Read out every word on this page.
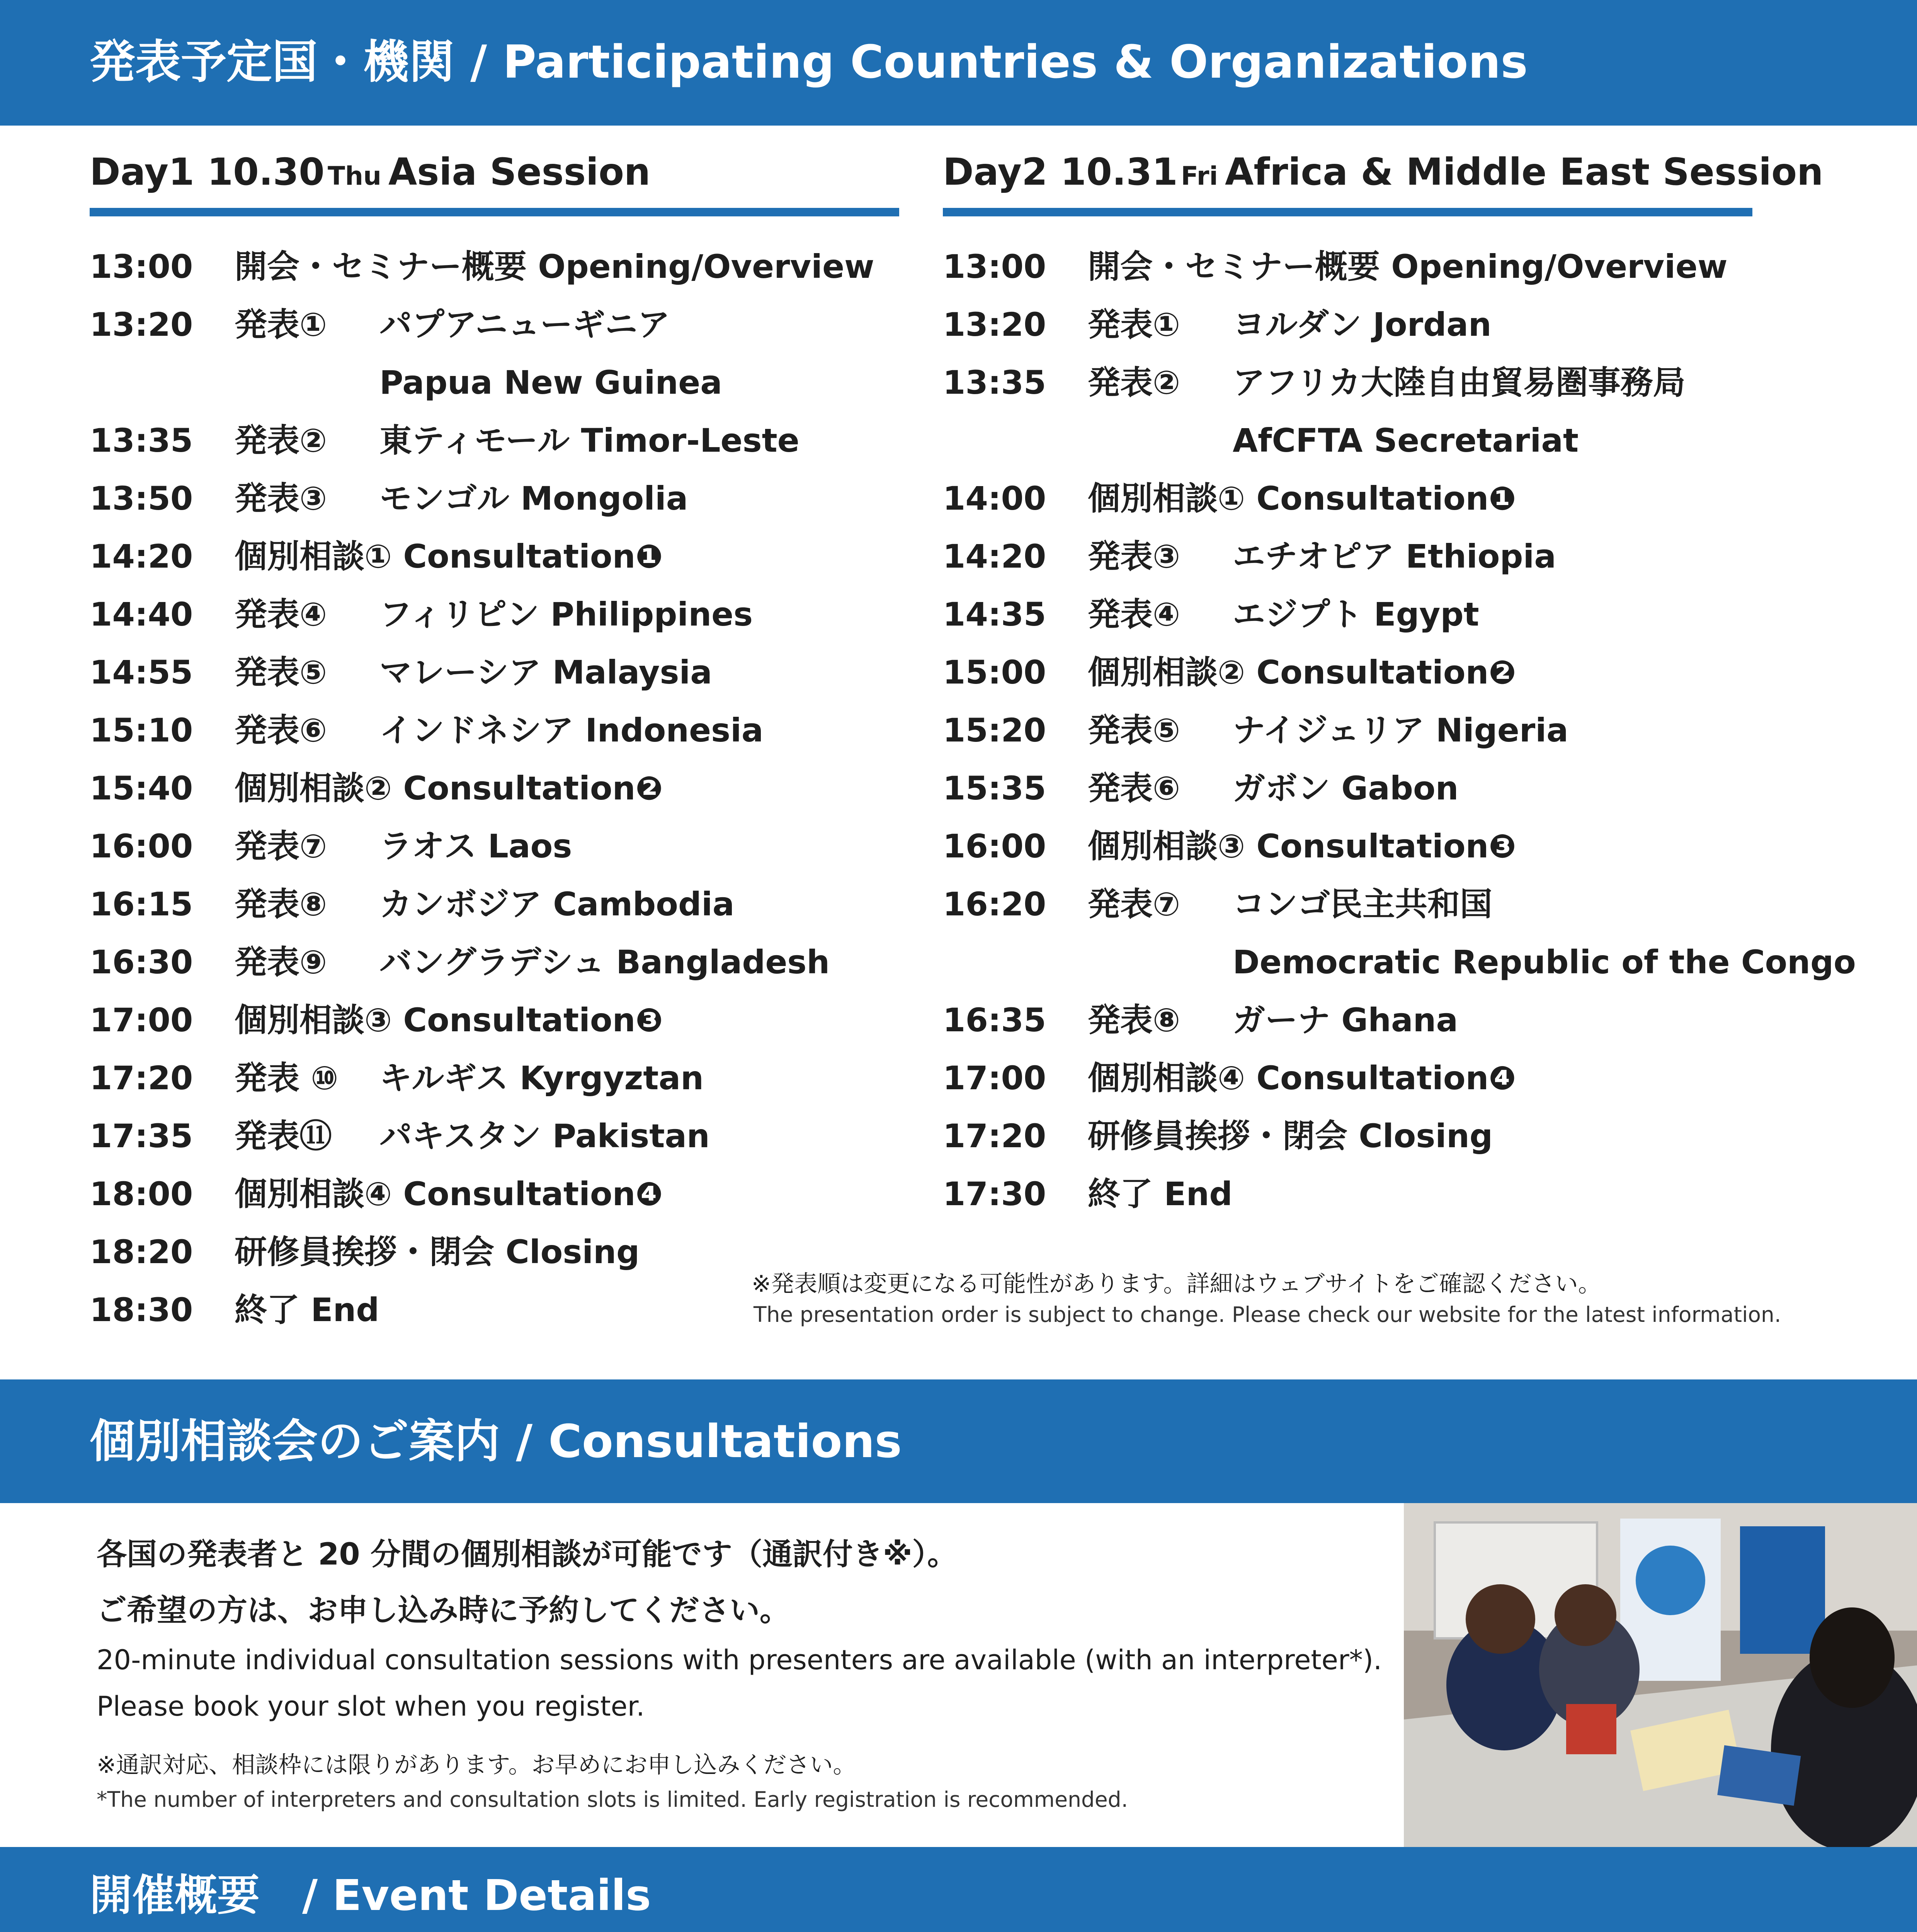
発表予定国・機関 / Participating Countries & Organizations
Day1 10.30 Thu Asia Session
13:00 開会・セミナー概要 Opening/Overview
13:20 発表① パプアニューギニア
Papua New Guinea
13:35 発表② 東ティモール Timor-Leste
13:50 発表③ モンゴル Mongolia
14:20 個別相談① Consultation❶
14:40 発表④ フィリピン Philippines
14:55 発表⑤ マレーシア Malaysia
15:10 発表⑥ インドネシア Indonesia
15:40 個別相談② Consultation❷
16:00 発表⑦ ラオス Laos
16:15 発表⑧ カンボジア Cambodia
16:30 発表⑨ バングラデシュ Bangladesh
17:00 個別相談③ Consultation❸
17:20 発表 ⑩ キルギス Kyrgyztan
17:35 発表⑪ パキスタン Pakistan
18:00 個別相談④ Consultation❹
18:20 研修員挨拶・閉会 Closing
18:30 終了 End
Day2 10.31 Fri Africa & Middle East Session
13:00 開会・セミナー概要 Opening/Overview
13:20 発表① ヨルダン Jordan
13:35 発表② アフリカ大陸自由貿易圏事務局
AfCFTA Secretariat
14:00 個別相談① Consultation❶
14:20 発表③ エチオピア Ethiopia
14:35 発表④ エジプト Egypt
15:00 個別相談② Consultation❷
15:20 発表⑤ ナイジェリア Nigeria
15:35 発表⑥ ガボン Gabon
16:00 個別相談③ Consultation❸
16:20 発表⑦ コンゴ民主共和国
Democratic Republic of the Congo
16:35 発表⑧ ガーナ Ghana
17:00 個別相談④ Consultation❹
17:20 研修員挨拶・閉会 Closing
17:30 終了 End
※発表順は変更になる可能性があります。詳細はウェブサイトをご確認ください。
The presentation order is subject to change. Please check our website for the latest information.
個別相談会のご案内 / Consultations
各国の発表者と 20 分間の個別相談が可能です（通訳付き※）。
ご希望の方は、お申し込み時に予約してください。
20-minute individual consultation sessions with presenters are available (with an interpreter*).
Please book your slot when you register.
※通訳対応、相談枠には限りがあります。お早めにお申し込みください。
*The number of interpreters and consultation slots is limited. Early registration is recommended.
開催概要　/ Event Details
